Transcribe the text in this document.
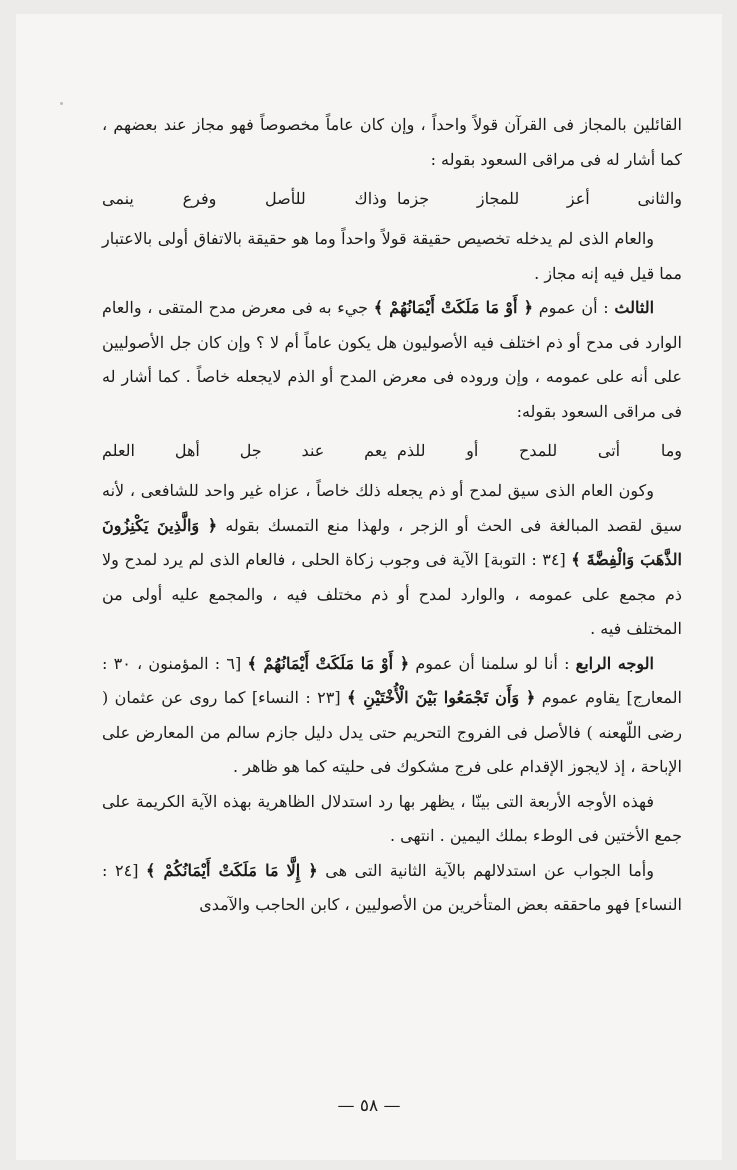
القائلين بالمجاز فى القرآن قولاً واحداً ، وإن كان عاماً مخصوصاً فهو مجاز عند بعضهم ، كما أشار له فى مراقى السعود بقوله :

والثانى أعز للمجاز جزما
وذاك للأصل وفرع ينمى

والعام الذى لم يدخله تخصيص حقيقة قولاً واحداً وما هو حقيقة بالاتفاق أولى بالاعتبار مما قيل فيه إنه مجاز .

الثالث : أن عموم ﴿ أَوْ مَا مَلَكَتْ أَيْمَانُهُمْ ﴾ جيء به فى معرض مدح المتقى ، والعام الوارد فى مدح أو ذم اختلف فيه الأصوليون هل يكون عاماً أم لا ؟ وإن كان جل الأصوليين على أنه على عمومه ، وإن وروده فى معرض المدح أو الذم لايجعله خاصاً . كما أشار له فى مراقى السعود بقوله:

وما أتى للمدح أو للذم
يعم عند جل أهل العلم

وكون العام الذى سيق لمدح أو ذم يجعله ذلك خاصاً ، عزاه غير واحد للشافعى ، لأنه سيق لقصد المبالغة فى الحث أو الزجر ، ولهذا منع التمسك بقوله ﴿ وَالَّذِينَ يَكْنِزُونَ الذَّهَبَ وَالْفِضَّةَ ﴾ [٣٤ : التوبة] الآية فى وجوب زكاة الحلى ، فالعام الذى لم يرد لمدح ولا ذم مجمع على عمومه ، والوارد لمدح أو ذم مختلف فيه ، والمجمع عليه أولى من المختلف فيه .

الوجه الرابع : أنا لو سلمنا أن عموم ﴿ أَوْ مَا مَلَكَتْ أَيْمَانُهُمْ ﴾ [٦ : المؤمنون ، ٣٠ : المعارج] يقاوم عموم ﴿ وَأَن تَجْمَعُوا بَيْنَ الْأُخْتَيْنِ ﴾ [٢٣ : النساء] كما روى عن عثمان ( رضى اللّهعنه ) فالأصل فى الفروج التحريم حتى يدل دليل جازم سالم من المعارض على الإباحة ، إذ لايجوز الإقدام على فرج مشكوك فى حليته كما هو ظاهر .

فهذه الأوجه الأربعة التى بينّا ، يظهر بها رد استدلال الظاهرية بهذه الآية الكريمة على جمع الأختين فى الوطء بملك اليمين . انتهى .

وأما الجواب عن استدلالهم بالآية الثانية التى هى ﴿ إِلَّا مَا مَلَكَتْ أَيْمَانُكُمْ ﴾ [٢٤ : النساء] فهو ماحققه بعض المتأخرين من الأصوليين ، كابن الحاجب والآمدى

— ٥٨ —
